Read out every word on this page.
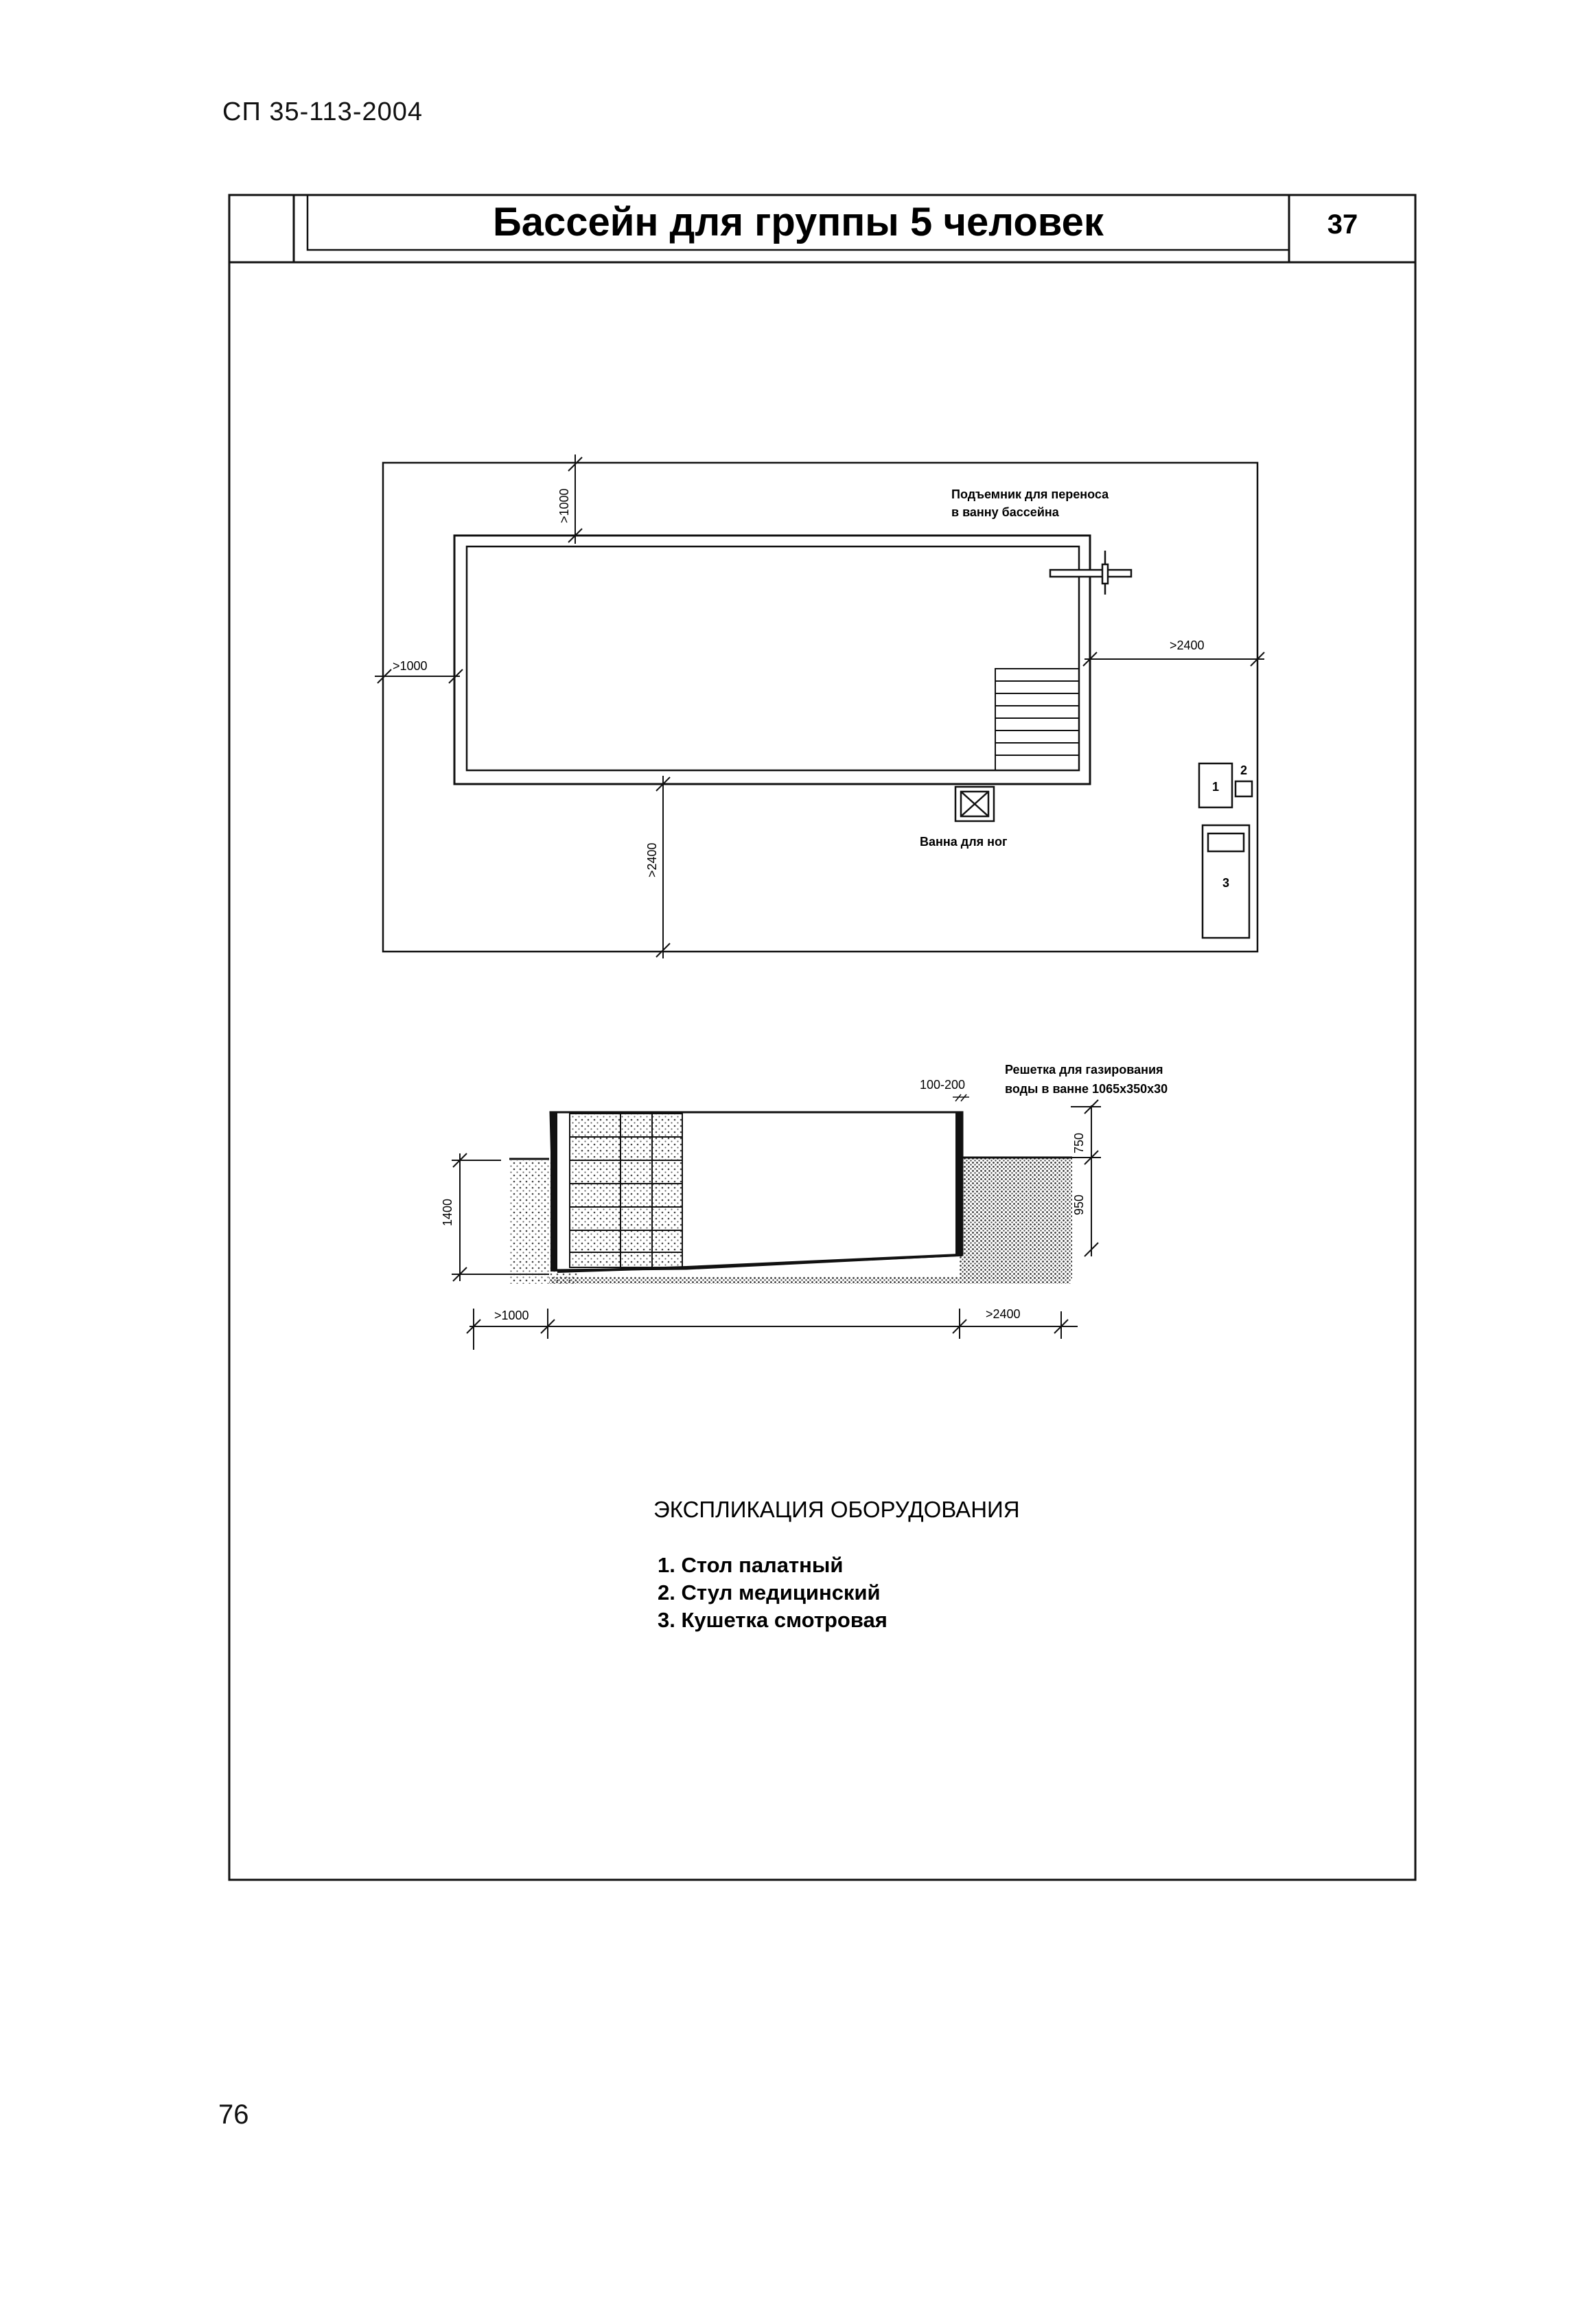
СП 35-113-2004
Бассейн для группы 5 человек	37
Подъемник для переноса
в ванну бассейна
Ванна для ног
>1000
>1000
>2400
>2400
1
2
3
Решетка для газирования
воды в ванне 1065х350х30
100-200
1400
750
950
>1000	>2400
ЭКСПЛИКАЦИЯ ОБОРУДОВАНИЯ
1. Стол палатный
2. Стул медицинский
3. Кушетка смотровая
76
